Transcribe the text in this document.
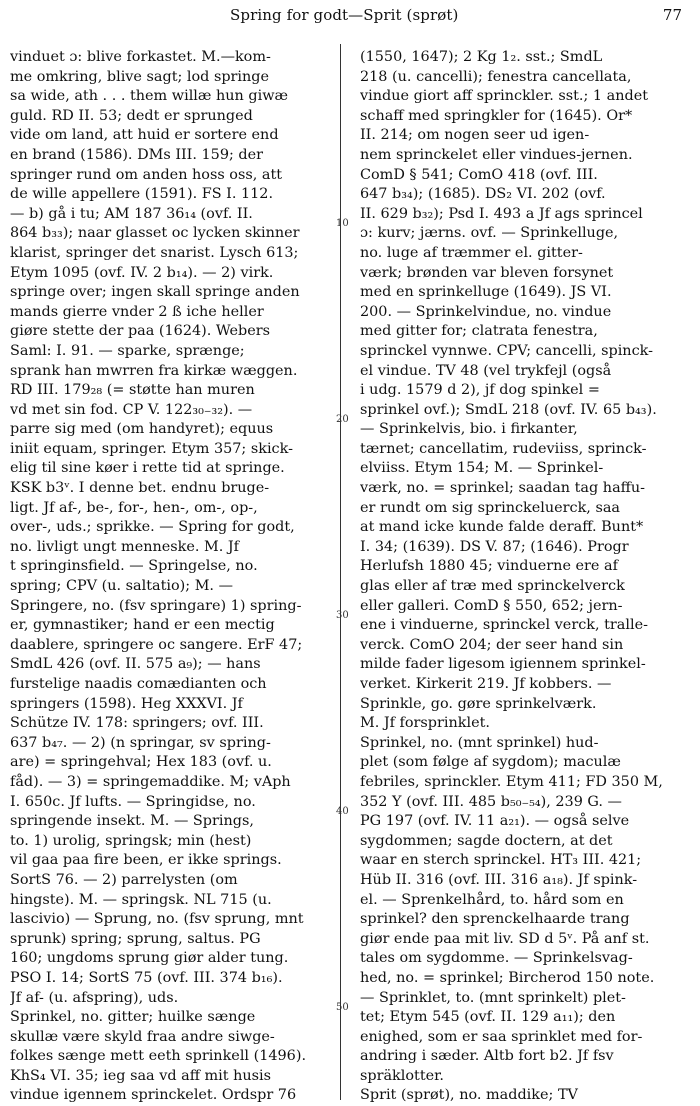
Spring for godt—Sprit (sprøt)	77
vinduet ɔ: blive forkastet. M.—kom-
me omkring, blive sagt; lod springe
sa wide, ath . . . them willæ hun giwæ
guld. RD II. 53; dedt er sprunged
vide om land, att huid er sortere end
en brand (1586). DMs III. 159; der
springer rund om anden hoss oss, att
de wille appellere (1591). FS I. 112.
— b) gå i tu; AM 187 36₁₄ (ovf. II.
864 b₃₃); naar glasset oc lycken skinner
klarist, springer det snarist. Lysch 613;
Etym 1095 (ovf. IV. 2 b₁₄). — 2) virk.
springe over; ingen skall springe anden
mands gierre vnder 2 ß iche heller
giøre stette der paa (1624). Webers
Saml: I. 91. — sparke, sprænge;
sprank han mwrren fra kirkæ wæggen.
RD III. 179₂₈ (= støtte han muren
vd met sin fod. CP V. 122₃₀₋₃₂). —
parre sig med (om handyret); equus
iniit equam, springer. Etym 357; skick-
elig til sine køer i rette tid at springe.
KSK b3ᵛ. I denne bet. endnu bruge-
ligt. Jf af-, be-, for-, hen-, om-, op-,
over-, uds.; sprikke. — Spring for godt,
no. livligt ungt menneske. M. Jf
t springinsfield. — Springelse, no.
spring; CPV (u. saltatio); M. —
Springere, no. (fsv springare) 1) spring-
er, gymnastiker; hand er een mectig
daablere, springere oc sangere. ErF 47;
SmdL 426 (ovf. II. 575 a₉); — hans
furstelige naadis comædianten och
springers (1598). Heg XXXVI. Jf
Schütze IV. 178: springers; ovf. III.
637 b₄₇. — 2) (n springar, sv spring-
are) = springehval; Hex 183 (ovf. u.
fåd). — 3) = springemaddike. M; vAph
I. 650c. Jf lufts. — Springidse, no.
springende insekt. M. — Springs,
to. 1) urolig, springsk; min (hest)
vil gaa paa fire been, er ikke springs.
SortS 76. — 2) parrelysten (om
hingste). M. — springsk. NL 715 (u.
lascivio) — Sprung, no. (fsv sprung, mnt
sprunk) spring; sprung, saltus. PG
160; ungdoms sprung giør alder tung.
PSO I. 14; SortS 75 (ovf. III. 374 b₁₆).
Jf af- (u. afspring), uds.
Sprinkel, no. gitter; huilke sænge
skullæ være skyld fraa andre siwge-
folkes sænge mett eeth sprinkell (1496).
KhS₄ VI. 35; ieg saa vd aff mit husis
vindue igennem sprinckelet. Ordspr 76
(1550, 1647); 2 Kg 1₂. sst.; SmdL
218 (u. cancelli); fenestra cancellata,
vindue giort aff sprinckler. sst.; 1 andet
schaff med springkler for (1645). Or*
II. 214; om nogen seer ud igen-
nem sprinckelet eller vindues-jernen.
ComD § 541; ComO 418 (ovf. III.
647 b₃₄); (1685). DS₂ VI. 202 (ovf.
II. 629 b₃₂); Psd I. 493 a Jf ags sprincel
ɔ: kurv; jærns. ovf. — Sprinkelluge,
no. luge af træmmer el. gitter-
værk; brønden var bleven forsynet
med en sprinkelluge (1649). JS VI.
200. — Sprinkelvindue, no. vindue
med gitter for; clatrata fenestra,
sprinckel vynnwe. CPV; cancelli, spinck-
el vindue. TV 48 (vel trykfejl (også
i udg. 1579 d 2), jf dog spinkel =
sprinkel ovf.); SmdL 218 (ovf. IV. 65 b₄₃).
— Sprinkelvis, bio. i firkanter,
tærnet; cancellatim, rudeviiss, sprinck-
elviiss. Etym 154; M. — Sprinkel-
værk, no. = sprinkel; saadan tag haffu-
er rundt om sig sprinckeluerck, saa
at mand icke kunde falde deraff. Bunt*
I. 34; (1639). DS V. 87; (1646). Progr
Herlufsh 1880 45; vinduerne ere af
glas eller af træ med sprinckelverck
eller galleri. ComD § 550, 652; jern-
ene i vinduerne, sprinckel verck, tralle-
verck. ComO 204; der seer hand sin
milde fader ligesom igiennem sprinkel-
verket. Kirkerit 219. Jf kobbers. —
Sprinkle, go. gøre sprinkelværk.
M. Jf forsprinklet.
Sprinkel, no. (mnt sprinkel) hud-
plet (som følge af sygdom); maculæ
febriles, sprinckler. Etym 411; FD 350 M,
352 Y (ovf. III. 485 b₅₀₋₅₄), 239 G. —
PG 197 (ovf. IV. 11 a₂₁). — også selve
sygdommen; sagde doctern, at det
waar en sterch sprinckel. HT₃ III. 421;
Hüb II. 316 (ovf. III. 316 a₁₈). Jf spink-
el. — Sprenkelhård, to. hård som en
sprinkel? den sprenckelhaarde trang
giør ende paa mit liv. SD d 5ᵛ. På anf st.
tales om sygdomme. — Sprinkelsvag-
hed, no. = sprinkel; Bircherod 150 note.
— Sprinklet, to. (mnt sprinkelt) plet-
tet; Etym 545 (ovf. II. 129 a₁₁); den
enighed, som er saa sprinklet med for-
andring i sæder. Altb fort b2. Jf fsv
spräklotter.
Sprit (sprøt), no. maddike; TV
10
20
30
40
50
